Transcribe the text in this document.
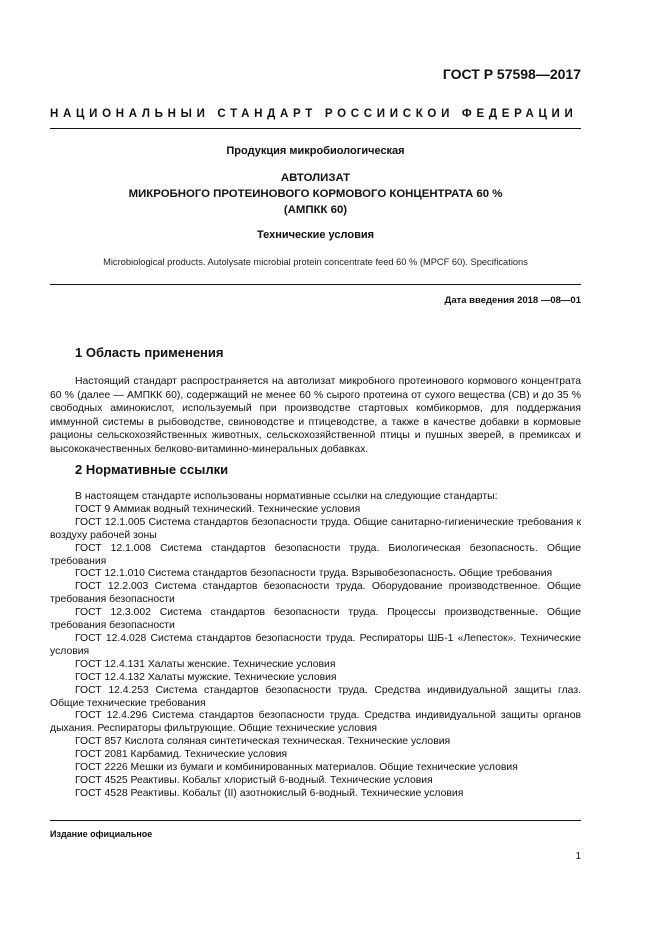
ГОСТ Р 57598—2017
НАЦИОНАЛЬНЫЙ СТАНДАРТ РОССИЙСКОЙ ФЕДЕРАЦИИ
Продукция микробиологическая
АВТОЛИЗАТ
МИКРОБНОГО ПРОТЕИНОВОГО КОРМОВОГО КОНЦЕНТРАТА 60 %
(АМПКК 60)
Технические условия
Microbiological products. Autolysate microbial protein concentrate feed 60 % (MPCF 60). Specifications
Дата введения 2018 —08—01
1 Область применения
Настоящий стандарт распространяется на автолизат микробного протеинового кормового концентрата 60 % (далее — АМПКК 60), содержащий не менее 60 % сырого протеина от сухого вещества (СВ) и до 35 % свободных аминокислот, используемый при производстве стартовых комбикормов, для поддержания иммунной системы в рыбоводстве, свиноводстве и птицеводстве, а также в качестве добавки в кормовые рационы сельскохозяйственных животных, сельскохозяйственной птицы и пушных зверей, в премиксах и высококачественных белково-витаминно-минеральных добавках.
2 Нормативные ссылки

В настоящем стандарте использованы нормативные ссылки на следующие стандарты:

ГОСТ 9 Аммиак водный технический. Технические условия

ГОСТ 12.1.005 Система стандартов безопасности труда. Общие санитарно-гигиенические требования к воздуху рабочей зоны

ГОСТ 12.1.008 Система стандартов безопасности труда. Биологическая безопасность. Общие требования

ГОСТ 12.1.010 Система стандартов безопасности труда. Взрывобезопасность. Общие требования

ГОСТ 12.2.003 Система стандартов безопасности труда. Оборудование производственное. Общие требования безопасности

ГОСТ 12.3.002 Система стандартов безопасности труда. Процессы производственные. Общие требования безопасности

ГОСТ 12.4.028 Система стандартов безопасности труда. Респираторы ШБ-1 «Лепесток». Технические условия

ГОСТ 12.4.131 Халаты женские. Технические условия

ГОСТ 12.4.132 Халаты мужские. Технические условия

ГОСТ 12.4.253 Система стандартов безопасности труда. Средства индивидуальной защиты глаз. Общие технические требования

ГОСТ 12.4.296 Система стандартов безопасности труда. Средства индивидуальной защиты органов дыхания. Респираторы фильтрующие. Общие технические условия

ГОСТ 857 Кислота соляная синтетическая техническая. Технические условия

ГОСТ 2081 Карбамид. Технические условия

ГОСТ 2226 Мешки из бумаги и комбинированных материалов. Общие технические условия

ГОСТ 4525 Реактивы. Кобальт хлористый 6-водный. Технические условия

ГОСТ 4528 Реактивы. Кобальт (II) азотнокислый 6-водный. Технические условия

Издание официальное
1
